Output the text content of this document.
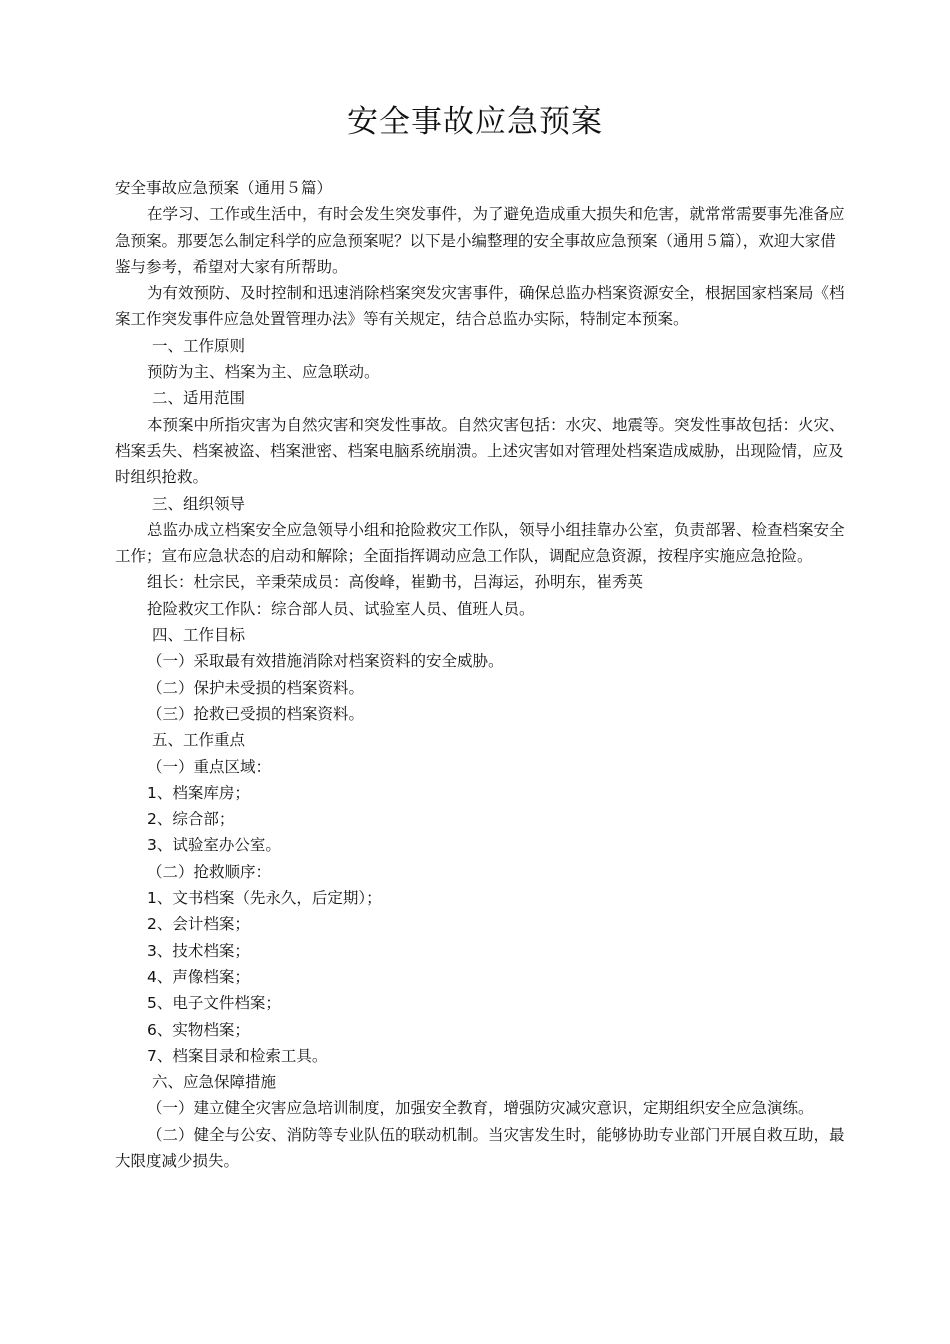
安全事故应急预案

安全事故应急预案（通用５篇）

在学习、工作或生活中，有时会发生突发事件，为了避免造成重大损失和危害，就常常需要事先准备应急预案。那要怎么制定科学的应急预案呢？以下是小编整理的安全事故应急预案（通用５篇），欢迎大家借鉴与参考，希望对大家有所帮助。

为有效预防、及时控制和迅速消除档案突发灾害事件，确保总监办档案资源安全，根据国家档案局《档案工作突发事件应急处置管理办法》等有关规定，结合总监办实际，特制定本预案。

一、工作原则

预防为主、档案为主、应急联动。

二、适用范围

本预案中所指灾害为自然灾害和突发性事故。自然灾害包括：水灾、地震等。突发性事故包括：火灾、档案丢失、档案被盗、档案泄密、档案电脑系统崩溃。上述灾害如对管理处档案造成威胁，出现险情，应及时组织抢救。

三、组织领导

总监办成立档案安全应急领导小组和抢险救灾工作队，领导小组挂靠办公室，负责部署、检查档案安全工作；宣布应急状态的启动和解除；全面指挥调动应急工作队，调配应急资源，按程序实施应急抢险。

组长：杜宗民，辛秉荣成员：高俊峰，崔勤书，吕海运，孙明东，崔秀英

抢险救灾工作队：综合部人员、试验室人员、值班人员。

四、工作目标

（一）采取最有效措施消除对档案资料的安全威胁。

（二）保护未受损的档案资料。

（三）抢救已受损的档案资料。

五、工作重点

（一）重点区域：

1、档案库房；

2、综合部；

3、试验室办公室。

（二）抢救顺序：

1、文书档案（先永久，后定期）；

2、会计档案；

3、技术档案；

4、声像档案；

5、电子文件档案；

6、实物档案；

7、档案目录和检索工具。

六、应急保障措施

（一）建立健全灾害应急培训制度，加强安全教育，增强防灾减灾意识，定期组织安全应急演练。

（二）健全与公安、消防等专业队伍的联动机制。当灾害发生时，能够协助专业部门开展自救互助，最大限度减少损失。
